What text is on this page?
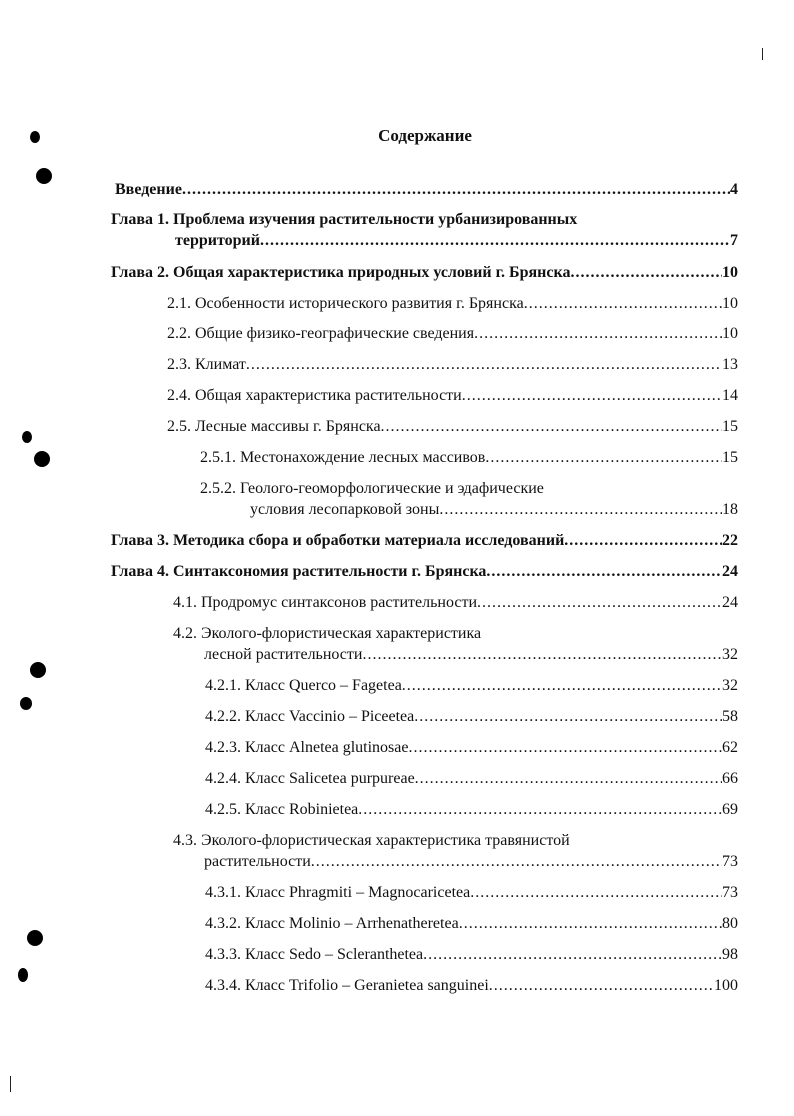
Содержание
Введение .....	4
Глава 1. Проблема изучения растительности урбанизированных
территорий .....	7
Глава 2. Общая характеристика природных условий г. Брянска .....	10
2.1. Особенности исторического развития г. Брянска .....	10
2.2. Общие физико-географические сведения .....	10
2.3. Климат .....	13
2.4. Общая характеристика растительности .....	14
2.5. Лесные массивы г. Брянска .....	15
2.5.1. Местонахождение лесных массивов .....	15
2.5.2. Геолого-геоморфологические и эдафические
условия лесопарковой зоны .....	18
Глава 3. Методика сбора и обработки материала исследований .....	22
Глава 4. Синтаксономия растительности г. Брянска .....	24
4.1. Продромус синтаксонов растительности .....	24
4.2. Эколого-флористическая характеристика
лесной растительности .....	32
4.2.1. Класс Querco – Fagetea .....	32
4.2.2. Класс Vaccinio – Piceetea .....	58
4.2.3. Класс Alnetea glutinosae .....	62
4.2.4. Класс Salicetea purpureae .....	66
4.2.5. Класс Robinietea .....	69
4.3. Эколого-флористическая характеристика травянистой
растительности .....	73
4.3.1. Класс Phragmiti – Magnocaricetea .....	73
4.3.2. Класс Molinio – Arrhenatheretea .....	80
4.3.3. Класс Sedo – Scleranthetea .....	98
4.3.4. Класс Trifolio – Geranietea sanguinei .....	100
